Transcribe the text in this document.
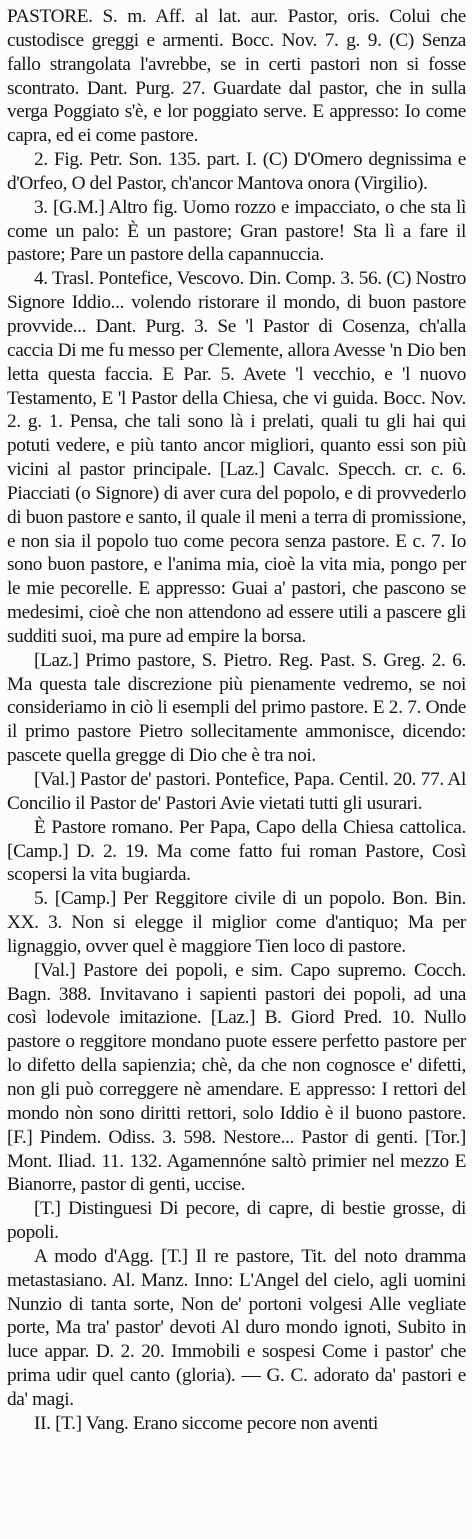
PASTORE. S. m. Aff. al lat. aur. Pastor, oris. Colui che custodisce greggi e armenti. Bocc. Nov. 7. g. 9. (C) Senza fallo strangolata l'avrebbe, se in certi pastori non si fosse scontrato. Dant. Purg. 27. Guardate dal pastor, che in sulla verga Poggiato s'è, e lor poggiato serve. E appresso: Io come capra, ed ei come pastore.

2. Fig. Petr. Son. 135. part. I. (C) D'Omero degnissima e d'Orfeo, O del Pastor, ch'ancor Mantova onora (Virgilio).

3. [G.M.] Altro fig. Uomo rozzo e impacciato, o che sta lì come un palo: È un pastore; Gran pastore! Sta lì a fare il pastore; Pare un pastore della capannuccia.

4. Trasl. Pontefice, Vescovo. Din. Comp. 3. 56. (C) Nostro Signore Iddio... volendo ristorare il mondo, di buon pastore provvide... Dant. Purg. 3. Se 'l Pastor di Cosenza, ch'alla caccia Di me fu messo per Clemente, allora Avesse 'n Dio ben letta questa faccia. E Par. 5. Avete 'l vecchio, e 'l nuovo Testamento, E 'l Pastor della Chiesa, che vi guida. Bocc. Nov. 2. g. 1. Pensa, che tali sono là i prelati, quali tu gli hai qui potuti vedere, e più tanto ancor migliori, quanto essi son più vicini al pastor principale. [Laz.] Cavalc. Specch. cr. c. 6. Piacciati (o Signore) di aver cura del popolo, e di provvederlo di buon pastore e santo, il quale il meni a terra di promissione, e non sia il popolo tuo come pecora senza pastore. E c. 7. Io sono buon pastore, e l'anima mia, cioè la vita mia, pongo per le mie pecorelle. E appresso: Guai a' pastori, che pascono se medesimi, cioè che non attendono ad essere utili a pascere gli sudditi suoi, ma pure ad empire la borsa.

[Laz.] Primo pastore, S. Pietro. Reg. Past. S. Greg. 2. 6. Ma questa tale discrezione più pienamente vedremo, se noi consideriamo in ciò li esempli del primo pastore. E 2. 7. Onde il primo pastore Pietro sollecitamente ammonisce, dicendo: pascete quella gregge di Dio che è tra noi.

[Val.] Pastor de' pastori. Pontefice, Papa. Centil. 20. 77. Al Concilio il Pastor de' Pastori Avie vietati tutti gli usurari.

È Pastore romano. Per Papa, Capo della Chiesa cattolica. [Camp.] D. 2. 19. Ma come fatto fui roman Pastore, Così scopersi la vita bugiarda.

5. [Camp.] Per Reggitore civile di un popolo. Bon. Bin. XX. 3. Non si elegge il miglior come d'antiquo; Ma per lignaggio, ovver quel è maggiore Tien loco di pastore.

[Val.] Pastore dei popoli, e sim. Capo supremo. Cocch. Bagn. 388. Invitavano i sapienti pastori dei popoli, ad una così lodevole imitazione. [Laz.] B. Giord Pred. 10. Nullo pastore o reggitore mondano puote essere perfetto pastore per lo difetto della sapienzia; chè, da che non cognosce e' difetti, non gli può correggere nè amendare. E appresso: I rettori del mondo nòn sono diritti rettori, solo Iddio è il buono pastore. [F.] Pindem. Odiss. 3. 598. Nestore... Pastor di genti. [Tor.] Mont. Iliad. 11. 132. Agamennóne saltò primier nel mezzo E Bianorre, pastor di genti, uccise.

[T.] Distinguesi Di pecore, di capre, di bestie grosse, di popoli.

A modo d'Agg. [T.] Il re pastore, Tit. del noto dramma metastasiano. Al. Manz. Inno: L'Angel del cielo, agli uomini Nunzio di tanta sorte, Non de' portoni volgesi Alle vegliate porte, Ma tra' pastor' devoti Al duro mondo ignoti, Subito in luce appar. D. 2. 20. Immobili e sospesi Come i pastor' che prima udir quel canto (gloria). — G. C. adorato da' pastori e da' magi.

II. [T.] Vang. Erano siccome pecore non aventi
